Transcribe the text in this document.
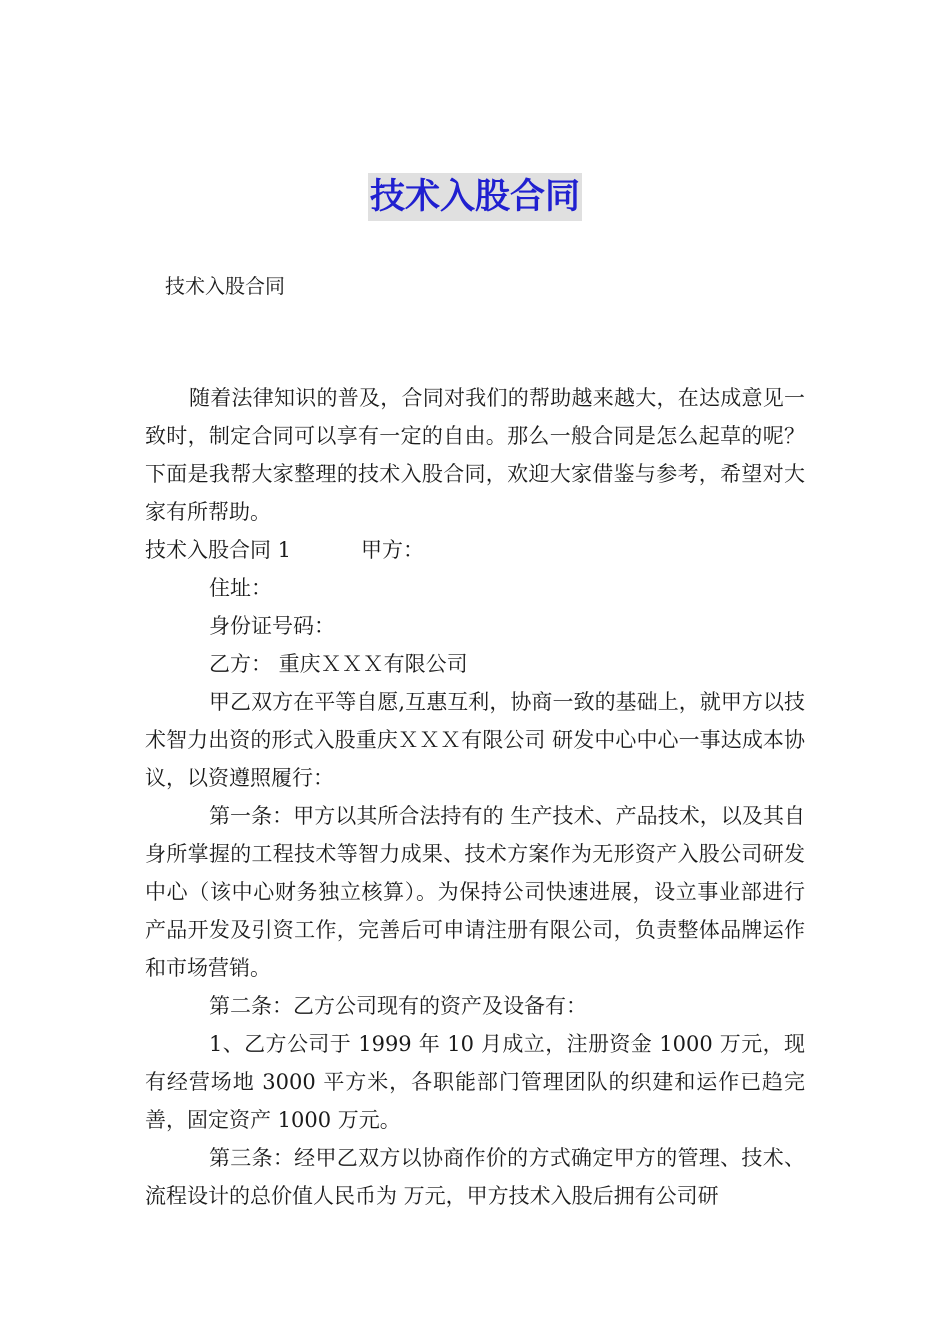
技术入股合同
技术入股合同

随着法律知识的普及，合同对我们的帮助越来越大，在达成意见一致时，制定合同可以享有一定的自由。那么一般合同是怎么起草的呢？下面是我帮大家整理的技术入股合同，欢迎大家借鉴与参考，希望对大家有所帮助。

技术入股合同 1	甲方：

住址：

身份证号码：

乙方： 重庆ＸＸＸ有限公司

甲乙双方在平等自愿,互惠互利，协商一致的基础上，就甲方以技术智力出资的形式入股重庆ＸＸＸ有限公司 研发中心中心一事达成本协议，以资遵照履行：

第一条：甲方以其所合法持有的 生产技术、产品技术，以及其自身所掌握的工程技术等智力成果、技术方案作为无形资产入股公司研发中心（该中心财务独立核算）。为保持公司快速进展，设立事业部进行产品开发及引资工作，完善后可申请注册有限公司，负责整体品牌运作和市场营销。

第二条：乙方公司现有的资产及设备有：

1、乙方公司于 1999 年 10 月成立，注册资金 1000 万元，现有经营场地 3000 平方米，各职能部门管理团队的织建和运作已趋完善，固定资产 1000 万元。

第三条：经甲乙双方以协商作价的方式确定甲方的管理、技术、流程设计的总价值人民币为 万元，甲方技术入股后拥有公司研
